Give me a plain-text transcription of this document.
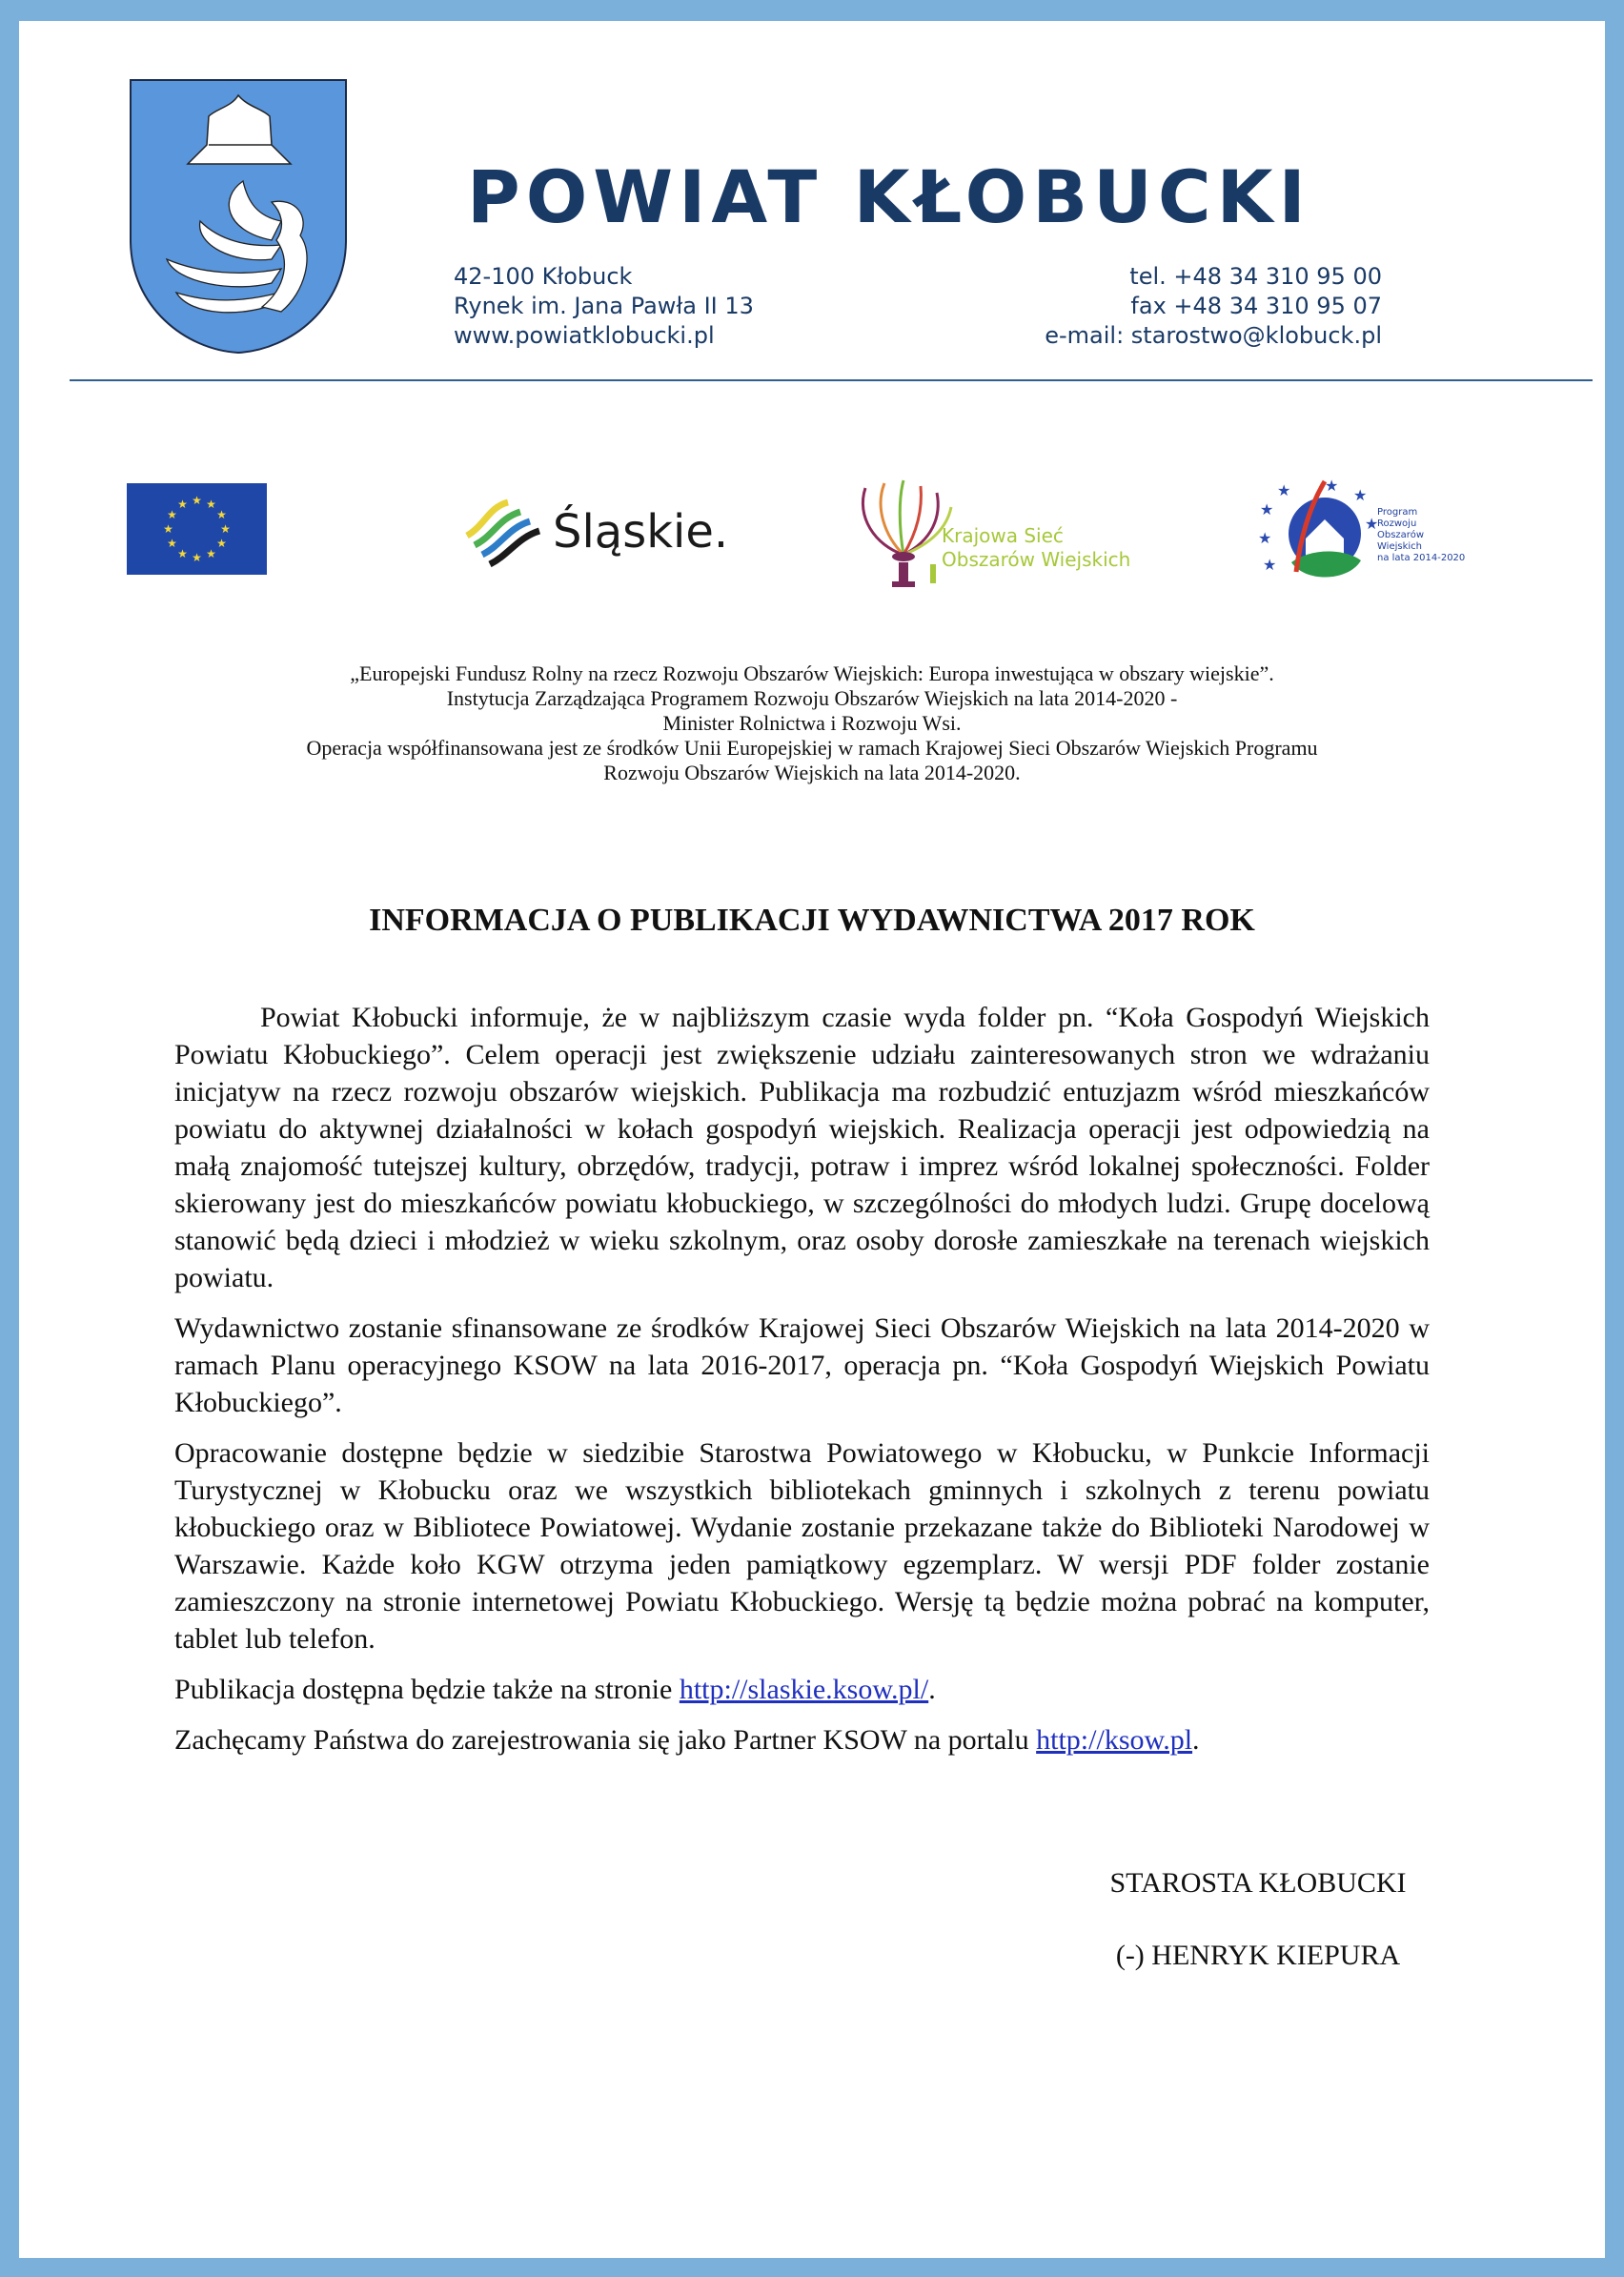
POWIAT KŁOBUCKI
42-100 Kłobuck
Rynek im. Jana Pawła II 13
www.powiatklobucki.pl
tel. +48 34 310 95 00
fax +48 34 310 95 07
e-mail: starostwo@klobuck.pl
★ ★
★
★
★
★
★
★
★
★
★
★
Śląskie.	Krajowa Sieć
Obszarów Wiejskich
★
★
★
★ ★
★
★
Program
Rozwoju
Obszarów
Wiejskich
na lata 2014-2020
„Europejski Fundusz Rolny na rzecz Rozwoju Obszarów Wiejskich: Europa inwestująca w obszary wiejskie”.
Instytucja Zarządzająca Programem Rozwoju Obszarów Wiejskich na lata 2014-2020 -
Minister Rolnictwa i Rozwoju Wsi.
Operacja współfinansowana jest ze środków Unii Europejskiej w ramach Krajowej Sieci Obszarów Wiejskich Programu
Rozwoju Obszarów Wiejskich na lata 2014-2020.
INFORMACJA O PUBLIKACJI WYDAWNICTWA 2017 ROK

Powiat Kłobucki informuje, że w najbliższym czasie wyda folder pn. “Koła Gospodyń Wiejskich Powiatu Kłobuckiego”. Celem operacji jest zwiększenie udziału zainteresowanych stron we wdrażaniu inicjatyw na rzecz rozwoju obszarów wiejskich. Publikacja ma rozbudzić entuzjazm wśród mieszkańców powiatu do aktywnej działalności w kołach gospodyń wiejskich. Realizacja operacji jest odpowiedzią na małą znajomość tutejszej kultury, obrzędów, tradycji, potraw i imprez wśród lokalnej społeczności. Folder skierowany jest do mieszkańców powiatu kłobuckiego, w szczególności do młodych ludzi. Grupę docelową stanowić będą dzieci i młodzież w wieku szkolnym, oraz osoby dorosłe zamieszkałe na terenach wiejskich powiatu.

Wydawnictwo zostanie sfinansowane ze środków Krajowej Sieci Obszarów Wiejskich na lata 2014-2020 w ramach Planu operacyjnego KSOW na lata 2016-2017, operacja pn. “Koła Gospodyń Wiejskich Powiatu Kłobuckiego”.

Opracowanie dostępne będzie w siedzibie Starostwa Powiatowego w Kłobucku, w Punkcie Informacji Turystycznej w Kłobucku oraz we wszystkich bibliotekach gminnych i szkolnych z terenu powiatu kłobuckiego oraz w Bibliotece Powiatowej. Wydanie zostanie przekazane także do Biblioteki Narodowej w Warszawie. Każde koło KGW otrzyma jeden pamiątkowy egzemplarz. W wersji PDF folder zostanie zamieszczony na stronie internetowej Powiatu Kłobuckiego. Wersję tą będzie można pobrać na komputer, tablet lub telefon.

Publikacja dostępna będzie także na stronie http://slaskie.ksow.pl/.

Zachęcamy Państwa do zarejestrowania się jako Partner KSOW na portalu http://ksow.pl.

STAROSTA KŁOBUCKI
(-) HENRYK KIEPURA
